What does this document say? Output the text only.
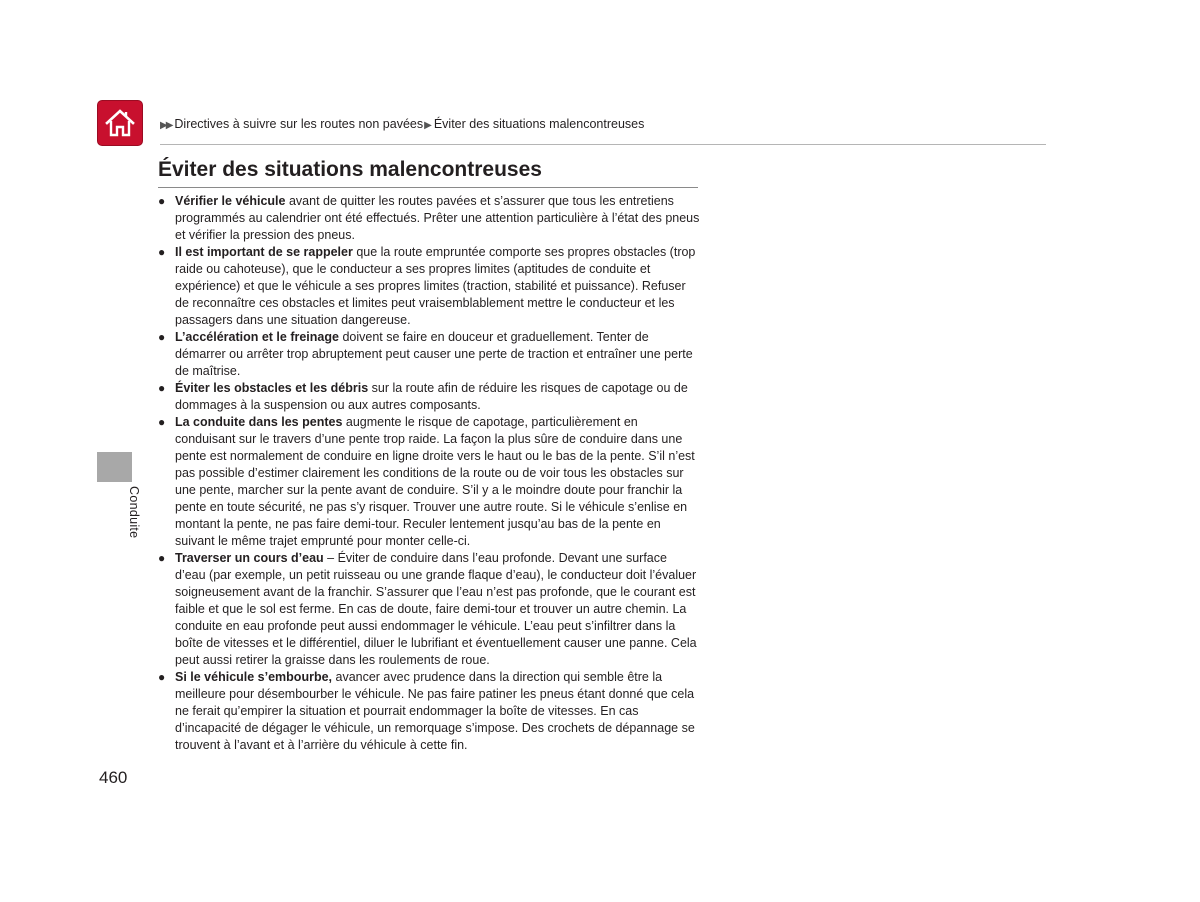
▶▶ Directives à suivre sur les routes non pavées▶ Éviter des situations malencontreuses
Éviter des situations malencontreuses

● Vérifier le véhicule avant de quitter les routes pavées et s’assurer que tous les entretiens programmés au calendrier ont été effectués. Prêter une attention particulière à l’état des pneus et vérifier la pression des pneus.

● Il est important de se rappeler que la route empruntée comporte ses propres obstacles (trop raide ou cahoteuse), que le conducteur a ses propres limites (aptitudes de conduite et expérience) et que le véhicule a ses propres limites (traction, stabilité et puissance). Refuser de reconnaître ces obstacles et limites peut vraisemblablement mettre le conducteur et les passagers dans une situation dangereuse.

● L’accélération et le freinage doivent se faire en douceur et graduellement. Tenter de démarrer ou arrêter trop abruptement peut causer une perte de traction et entraîner une perte de maîtrise.

● Éviter les obstacles et les débris sur la route afin de réduire les risques de capotage ou de dommages à la suspension ou aux autres composants.

● La conduite dans les pentes augmente le risque de capotage, particulièrement en conduisant sur le travers d’une pente trop raide. La façon la plus sûre de conduire dans une pente est normalement de conduire en ligne droite vers le haut ou le bas de la pente. S’il n’est pas possible d’estimer clairement les conditions de la route ou de voir tous les obstacles sur une pente, marcher sur la pente avant de conduire. S’il y a le moindre doute pour franchir la pente en toute sécurité, ne pas s’y risquer. Trouver une autre route. Si le véhicule s’enlise en montant la pente, ne pas faire demi-tour. Reculer lentement jusqu’au bas de la pente en suivant le même trajet emprunté pour monter celle-ci.

● Traverser un cours d’eau – Éviter de conduire dans l’eau profonde. Devant une surface d’eau (par exemple, un petit ruisseau ou une grande flaque d’eau), le conducteur doit l’évaluer soigneusement avant de la franchir. S’assurer que l’eau n’est pas profonde, que le courant est faible et que le sol est ferme. En cas de doute, faire demi-tour et trouver un autre chemin. La conduite en eau profonde peut aussi endommager le véhicule. L’eau peut s’infiltrer dans la boîte de vitesses et le différentiel, diluer le lubrifiant et éventuellement causer une panne. Cela peut aussi retirer la graisse dans les roulements de roue.

● Si le véhicule s’embourbe, avancer avec prudence dans la direction qui semble être la meilleure pour désembourber le véhicule. Ne pas faire patiner les pneus étant donné que cela ne ferait qu’empirer la situation et pourrait endommager la boîte de vitesses. En cas d’incapacité de dégager le véhicule, un remorquage s’impose. Des crochets de dépannage se trouvent à l’avant et à l’arrière du véhicule à cette fin.

Conduite
460
